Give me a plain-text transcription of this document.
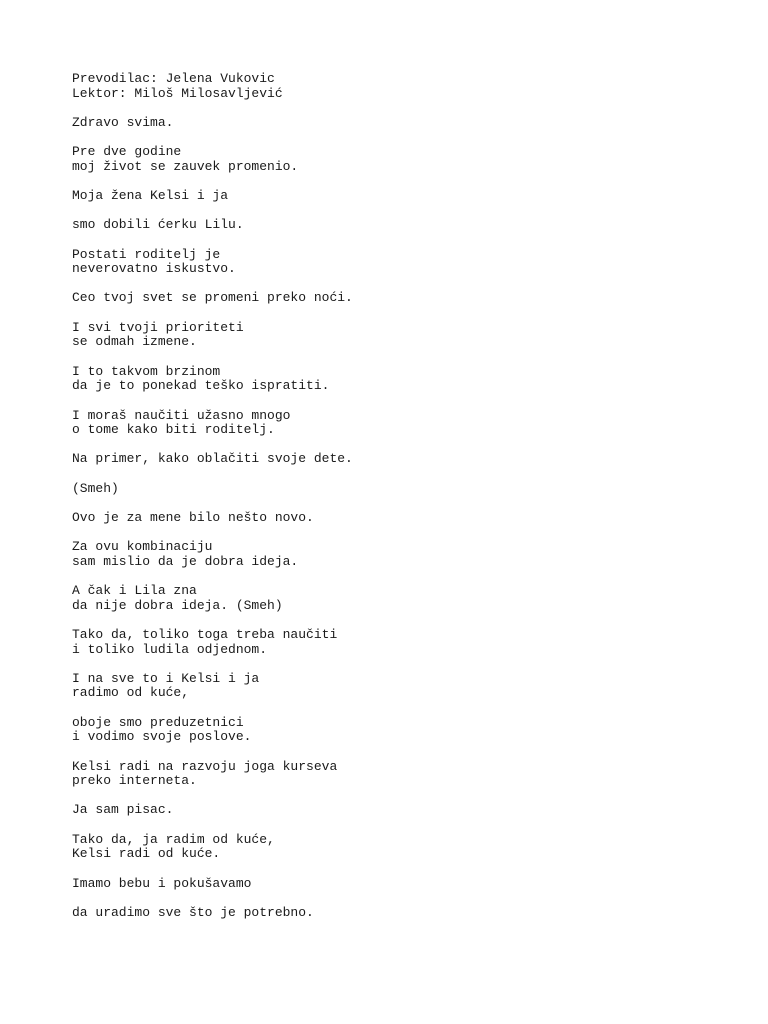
Prevodilac: Jelena Vukovic
Lektor: Miloš Milosavljević
Zdravo svima.
Pre dve godine
moj život se zauvek promenio.
Moja žena Kelsi i ja
smo dobili ćerku Lilu.
Postati roditelj je
neverovatno iskustvo.
Ceo tvoj svet se promeni preko noći.
I svi tvoji prioriteti
se odmah izmene.
I to takvom brzinom
da je to ponekad teško ispratiti.
I moraš naučiti užasno mnogo
o tome kako biti roditelj.
Na primer, kako oblačiti svoje dete.
(Smeh)
Ovo je za mene bilo nešto novo.
Za ovu kombinaciju
sam mislio da je dobra ideja.
A čak i Lila zna
da nije dobra ideja. (Smeh)
Tako da, toliko toga treba naučiti
i toliko ludila odjednom.
I na sve to i Kelsi i ja
radimo od kuće,
oboje smo preduzetnici
i vodimo svoje poslove.
Kelsi radi na razvoju joga kurseva
preko interneta.
Ja sam pisac.
Tako da, ja radim od kuće,
Kelsi radi od kuće.
Imamo bebu i pokušavamo
da uradimo sve što je potrebno.
